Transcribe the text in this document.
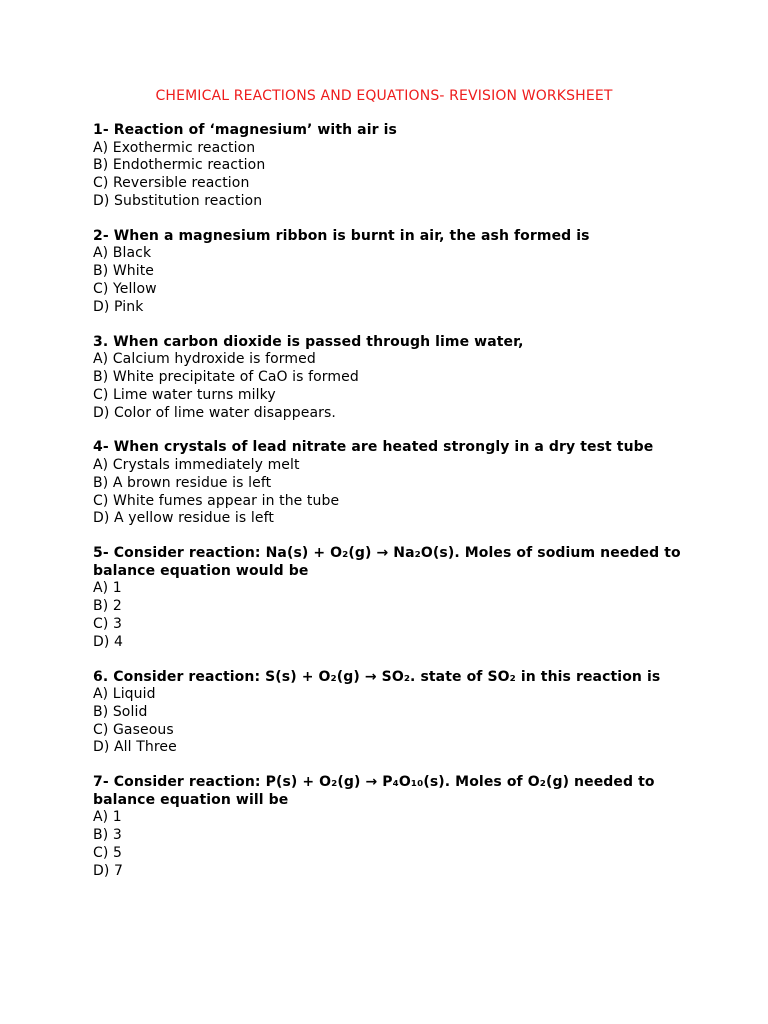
CHEMICAL REACTIONS AND EQUATIONS- REVISION WORKSHEET
1- Reaction of ‘magnesium’ with air is
A) Exothermic reaction
B) Endothermic reaction
C) Reversible reaction
D) Substitution reaction
2- When a magnesium ribbon is burnt in air, the ash formed is
A) Black
B) White
C) Yellow
D) Pink
3. When carbon dioxide is passed through lime water,
A) Calcium hydroxide is formed
B) White precipitate of CaO is formed
C) Lime water turns milky
D) Color of lime water disappears.
4- When crystals of lead nitrate are heated strongly in a dry test tube
A) Crystals immediately melt
B) A brown residue is left
C) White fumes appear in the tube
D) A yellow residue is left
5- Consider reaction: Na(s) + O₂(g) → Na₂O(s). Moles of sodium needed to balance equation would be
A) 1
B) 2
C) 3
D) 4
6. Consider reaction: S(s) + O₂(g) → SO₂. state of SO₂ in this reaction is
A) Liquid
B) Solid
C) Gaseous
D) All Three
7- Consider reaction: P(s) + O₂(g) → P₄O₁₀(s). Moles of O₂(g) needed to balance equation will be
A) 1
B) 3
C) 5
D) 7
